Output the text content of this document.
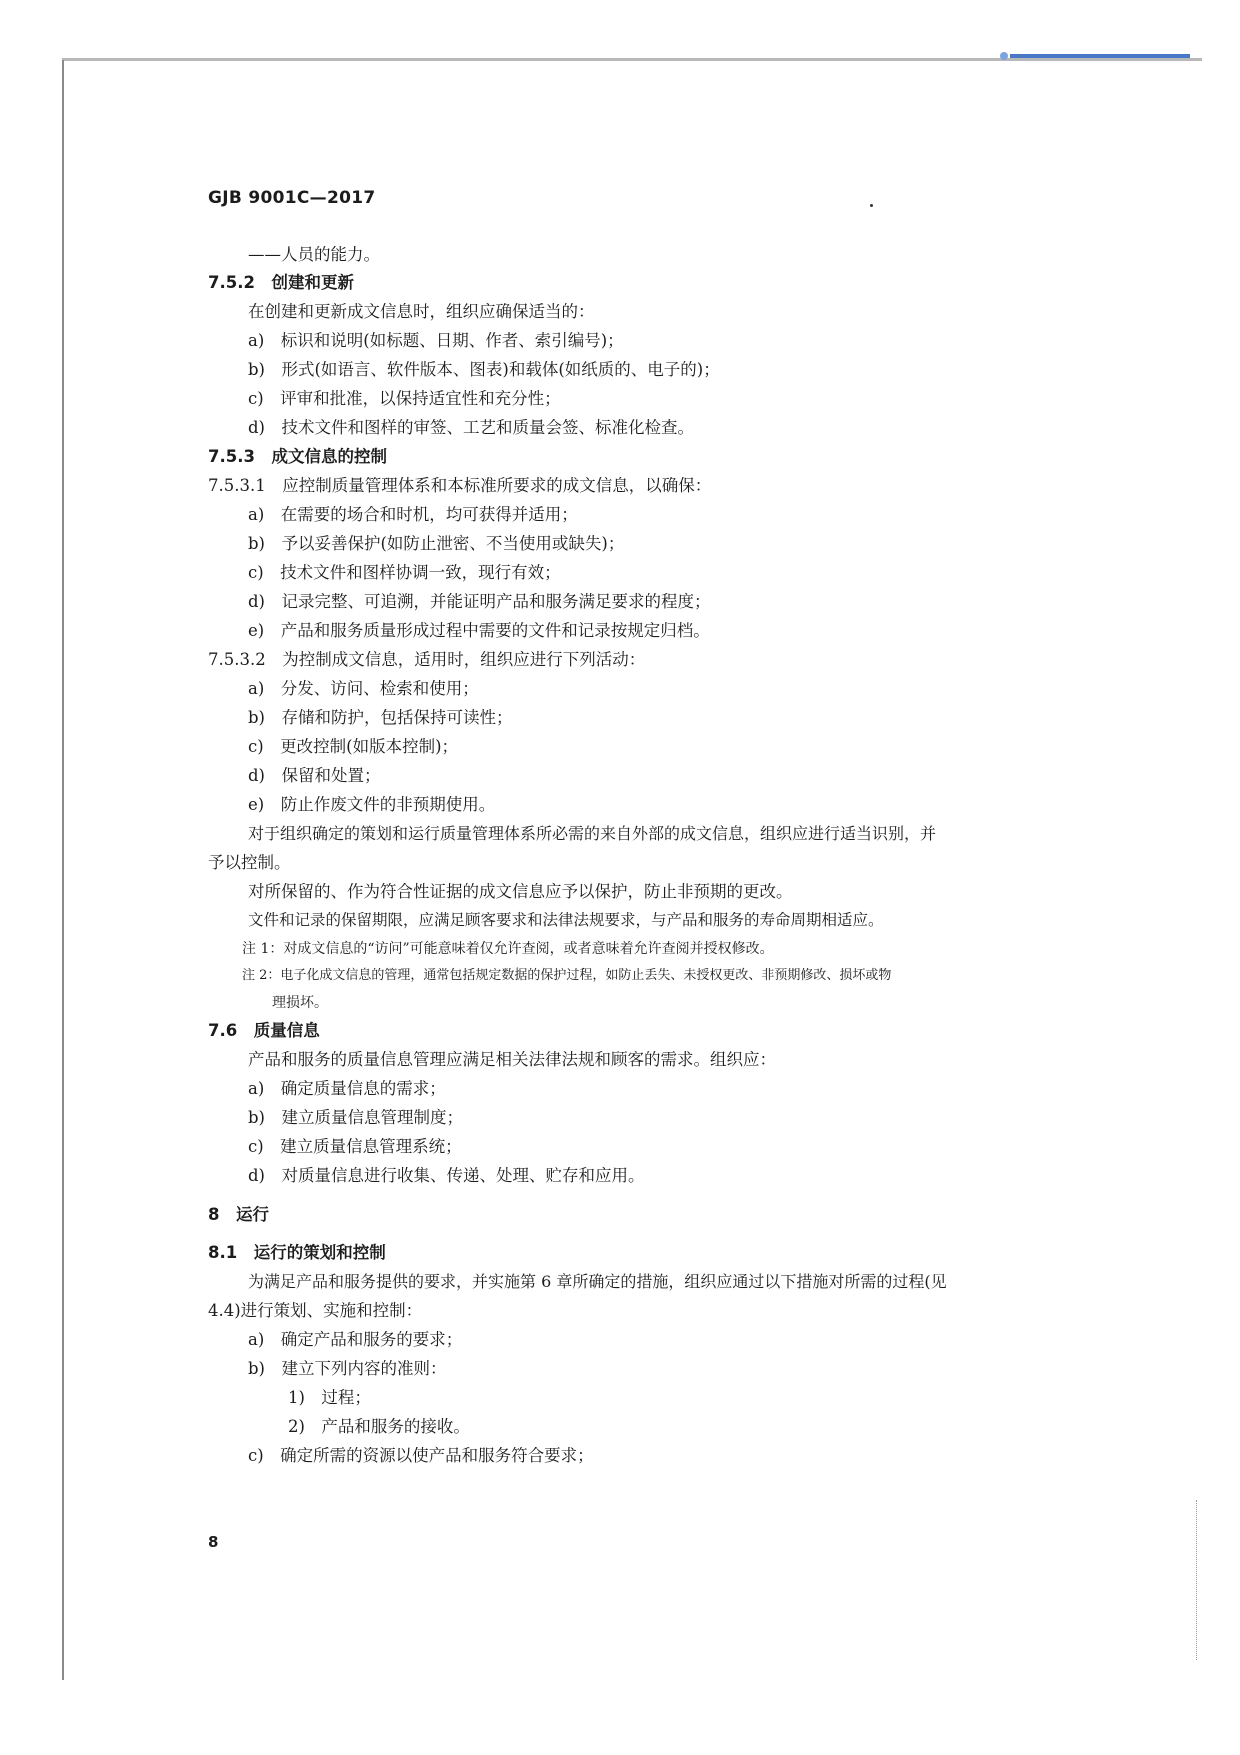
GJB 9001C—2017
——人员的能力。
7.5.2　创建和更新
在创建和更新成文信息时，组织应确保适当的：
a)　标识和说明(如标题、日期、作者、索引编号)；
b)　形式(如语言、软件版本、图表)和载体(如纸质的、电子的)；
c)　评审和批准，以保持适宜性和充分性；
d)　技术文件和图样的审签、工艺和质量会签、标准化检查。
7.5.3　成文信息的控制
7.5.3.1　应控制质量管理体系和本标准所要求的成文信息，以确保：
a)　在需要的场合和时机，均可获得并适用；
b)　予以妥善保护(如防止泄密、不当使用或缺失)；
c)　技术文件和图样协调一致，现行有效；
d)　记录完整、可追溯，并能证明产品和服务满足要求的程度；
e)　产品和服务质量形成过程中需要的文件和记录按规定归档。
7.5.3.2　为控制成文信息，适用时，组织应进行下列活动：
a)　分发、访问、检索和使用；
b)　存储和防护，包括保持可读性；
c)　更改控制(如版本控制)；
d)　保留和处置；
e)　防止作废文件的非预期使用。
对于组织确定的策划和运行质量管理体系所必需的来自外部的成文信息，组织应进行适当识别，并
予以控制。
对所保留的、作为符合性证据的成文信息应予以保护，防止非预期的更改。
文件和记录的保留期限，应满足顾客要求和法律法规要求，与产品和服务的寿命周期相适应。
注 1：对成文信息的“访问”可能意味着仅允许查阅，或者意味着允许查阅并授权修改。
注 2：电子化成文信息的管理，通常包括规定数据的保护过程，如防止丢失、未授权更改、非预期修改、损坏或物
理损坏。
7.6　质量信息
产品和服务的质量信息管理应满足相关法律法规和顾客的需求。组织应：
a)　确定质量信息的需求；
b)　建立质量信息管理制度；
c)　建立质量信息管理系统；
d)　对质量信息进行收集、传递、处理、贮存和应用。
8　运行
8.1　运行的策划和控制
为满足产品和服务提供的要求，并实施第 6 章所确定的措施，组织应通过以下措施对所需的过程(见
4.4)进行策划、实施和控制：
a)　确定产品和服务的要求；
b)　建立下列内容的准则：
1)　过程；
2)　产品和服务的接收。
c)　确定所需的资源以使产品和服务符合要求；
8
